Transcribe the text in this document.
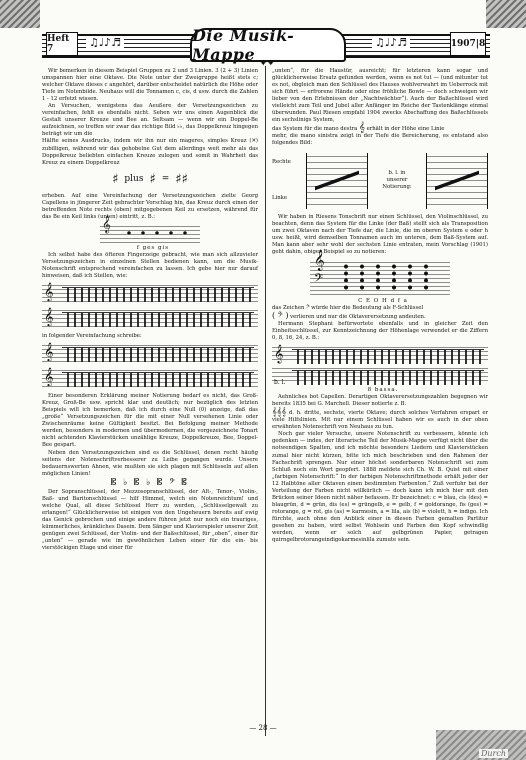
Heft 7	♫♩♪♬	Die Musik-Mappe
♫♩♪♬	1907|8
✦✦

Wir bemerken in diesem Beispiel Gruppen zu 2 und 3 Linien. 3 (2 + 3) Linien umspannen hier eine Oktave. Die Note unter der Zweigruppe heißt stets c; welcher Oktave dieses c angehört, darüber entscheidet natürlich die Höhe oder Tiefe im Notenbilde. Neuhaus will die Tonnamen c, cis, d usw. durch die Zahlen 1 - 12 erfetzt wissen.

An Versuchen, wenigstens das Aeußere der Versetzungszeichen zu vereinfachen, fehlt es ebenfalls nicht. Sehen wir uns einen Augenblick die Gestalt unserer Kreuze und Bee an. Seltsam — wenn wir ein Doppel-Be aufzeichnen, so treffen wir zwar das richtige Bild ♭♭, das Doppelkreuz hingegen beträgt wir um die

Hälfte seines Ausdrucks, indem wir ihn nur ein mageres, simples Kreuz (✕) zubilligen, während wir das gehobelne Gut dem allerdings weit mehr als das Doppelkreuz beliebten einfachen Kreuze zulegen und somit in Wahrheit das Kreuz zu einem Doppelkreuz

♯ plus ♯ = ♯♯

erheben. Auf eine Vereinfachung der Versetzungszeichen zielte Georg Capellens in jüngerer Zeit gebrachter Vorschlag hin, das Kreuz durch einen der betreffenden Note rechts (oben) mitgegebenen Keil zu ersetzen, während für das Be ein Keil links (unten) eintritt, z. B.:

𝄞

f ges gis

Ich selbst habe des öfteren Fingerzeige gebracht, wie man sich allzuvieler Versetzungszeichen in einzelnen Stellen bedienen kann, um die Musik-Notenschrift entsprechend vereinfachen zu lassen. Ich gebe hier nur darauf hinweisen, daß ich Stellen, wie:

𝄞
𝄞

in folgender Vereinfachung schreibe:

𝄞
𝄞

Einer besonderen Erklärung meiner Notierung bedarf es nicht, das Groß-Kreuz, Groß-Be usw. spricht klar und deutlich; nur bezüglich des letzten Beispiels will ich bemerken, daß ich durch eine Null (0) anzeige, daß das „große“ Versetzungszeichen für die mit einer Null versehenen Linie oder Zwischenräume keine Gültigkeit besitzt. Bei Befolgung meiner Methode werden, besonders in modernen und übermodernen, die vorgezeichnete Tonart nicht achtenden Klavierstücken unzählige Kreuze, Doppelkreuze, Bee, Doppel-Bee gespart.

Neben den Versetzungszeichen sind es die Schlüssel, denen recht häufig seitens der Notenschriftverbesserer zu Leibe gegangen wurde. Unsere bedauernswerten Ahnen, wie mußten sie sich plagen mit Schlüsseln auf allen möglichen Linien!

𝄡 ♭ 𝄡 ♭ 𝄡 𝄢 𝄡

Der Sopranschlüssel, der Mezzosopranschlüssel, der Alt-, Tenor-, Violin-, Baß- und Baritonschlüssel — hilf Himmel, welch ein Notenreichtum! und welche Qual, all diese Schlüssel Herr zu werden, „Schlüsselgewalt zu erlangen!“ Glücklicherweise ist einigen von den Ungeheuern bereits auf ewig das Genick gebrochen und einige andere führen jetzt nur noch ein trauriges, kümmerliches, kränkliches Dasein. Dem Sänger und Klavierspieler unserer Zeit genügen zwei Schlüssel, der Violin- und der Baßschlüssel, für „oben“, einer für „unten“ — gerade wie im gewöhnlichen Leben einer für die ein- bis vierstöckigen Etage und einer für

„unten“, für die Haustür, ausreicht; für letzteren kann sogar und glücklicherweise Ersatz gefunden werden, wenn es not tut — (und mitunter tut es not, obgleich man den Schlüssel des Hauses wohlverwahrt im Ueberrock mit sich führt — erfrorene Hände oder eine fröhliche Bowle — doch schweigen wir lieber von den Erlebnissen der „Nachtwächter“). Auch der Baßschlüssel wird vielleicht zum Teil und Jubel aller Anfänger im Reiche der Tastenklänge einmal überwunden. Paul Riesen empfahl 1904 zwecks Abschaffung des Baßschlüssels ein sechslinigs System,

das System für die mano destra 𝄞 erhält in der Höhe eine Linie

mehr, die mano sinistra zeigt in der Tiefe die Bereicherung, es entstand also folgendes Bild:

Rechte
Linke
b. l. in unserer Notierung:

Wir haben in Riesens Tonschrift nur einen Schlüssel, den Violinschlüssel, zu beachten, denn das System für die Linke (der Baß) stellt sich als Transposition um zwei Oktaven nach der Tiefe dar, die Linie, die im oberen System e oder h usw. heißt, wird demselben Tonnamen auch im unteren, dem Baß-System auf. Man kann aber sehr wohl der sechsten Linie entraten, mein Vorschlag (1901) geht dahin, obiges Beispiel so zu notieren:

𝄞
𝄢

C E O H d f a

das Zeichen 𝄢 würde hier die Bedeutung als F-Schlüssel

( 𝄢 ) verlieren und nur die Oktaverersetzung andeuten.

Hermann Stephani befürwortete ebenfalls und in gleicher Zeit den Einheitsschlüssel, zur Kenntzeichnung der Höhenlage verwendet er die Ziffern 0, 8, 16, 24, z. B.:

𝄞
b. l.

8 bassa.

Aehnliches bot Capellen. Derartigen Oktaverersetzungszahlen begegnen wir bereits 1835 bei G. Marchell. Dieser notierte z. B.

𝄞𝄞𝄞 d. h. dritte, sechste, vierte Oktave; durch solches Verfahren erspart er viele Hilfslinien. Mit nur einem Schlüssel haben wir es auch in der oben erwähnten Notenschrift von Neuhaus zu tun.

Noch gar vieler Versuche, unsere Notenschrift zu verbessern, könnte ich gedenken — indes, der literarische Teil der Musik-Mappe verfügt nicht über die notwendigen Spalten, und ich möchte besonders Liedern und Klavierstücken zumal hier nicht kürzen, bitte ich mich beschrieben und den Rahmen der Fachschrift sprengen. Nur einer höchst sonderbaren Notenschrift sei zum Schluß noch ein Wort geopfert. 1888 meldete sich Ch. W. B. Quist mit einer „farbigen Notenschrift:“ In der farbigen Notenschriftmethode erhält jeder der 12 Halbtöne aller Oktaven einen bestimmten Farbenton.“ Zuß verfuhr bei der Verteilung der Farben nicht willkürlich — doch kann ich mich hier mit den Brücken seiner Ideen nicht näher befassen. Er bezeichnet: c = blau, cis (des) = blaugrün, d = grün, dis (es) = grüngelb, e = gelb, f = goldorange, fis (ges) = rotorange, g = rot, gis (as) = karmesin, a = lila, ais (b) = violett, h = indigo. Ich fürchte, auch ohne den Anblick einer in diesen Farben gemalten Partitur gesehen zu haben, wird selbst Wohlsein und Farben den Kopf schwindlig werden, wenn er solch auf gelbgrünen Papier, getragen quirngelbrotorangeindigokarmesinlila zumute sein.

— 28 —
Durch
